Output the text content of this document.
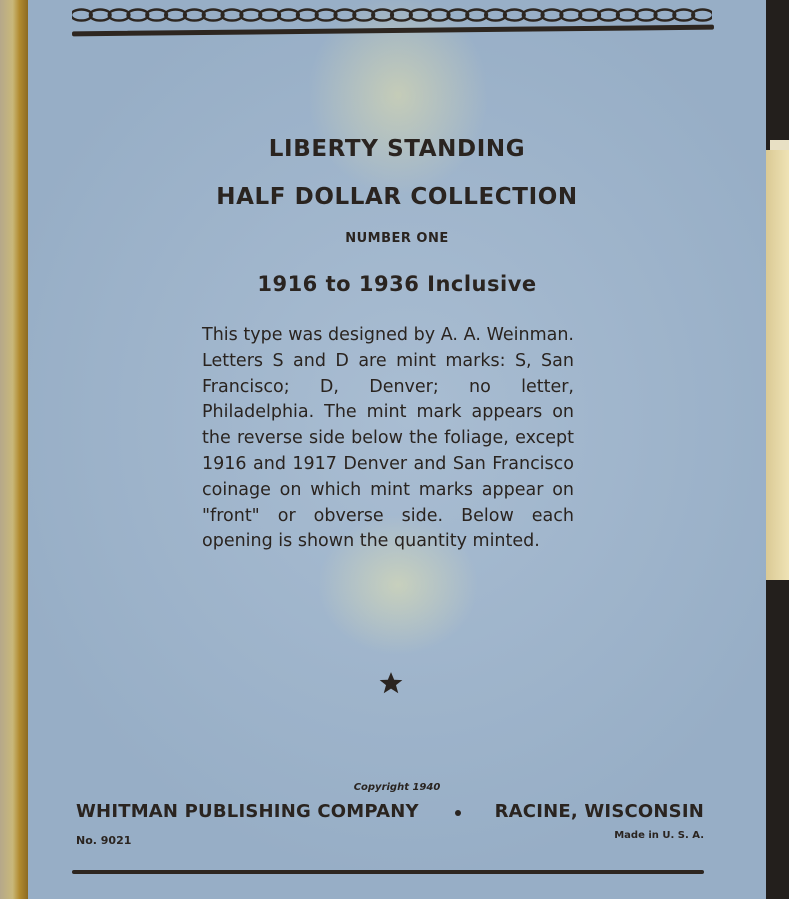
LIBERTY STANDING
HALF DOLLAR COLLECTION
NUMBER ONE
1916 to 1936 Inclusive
This type was designed by A. A. Weinman. Letters S and D are mint marks: S, San Francisco; D, Denver; no letter, Philadelphia. The mint mark appears on the reverse side below the foliage, except 1916 and 1917 Denver and San Francisco coinage on which mint marks appear on "front" or obverse side. Below each opening is shown the quantity minted.
Copyright 1940
WHITMAN PUBLISHING COMPANY	RACINE, WISCONSIN
No. 9021	Made in U. S. A.
